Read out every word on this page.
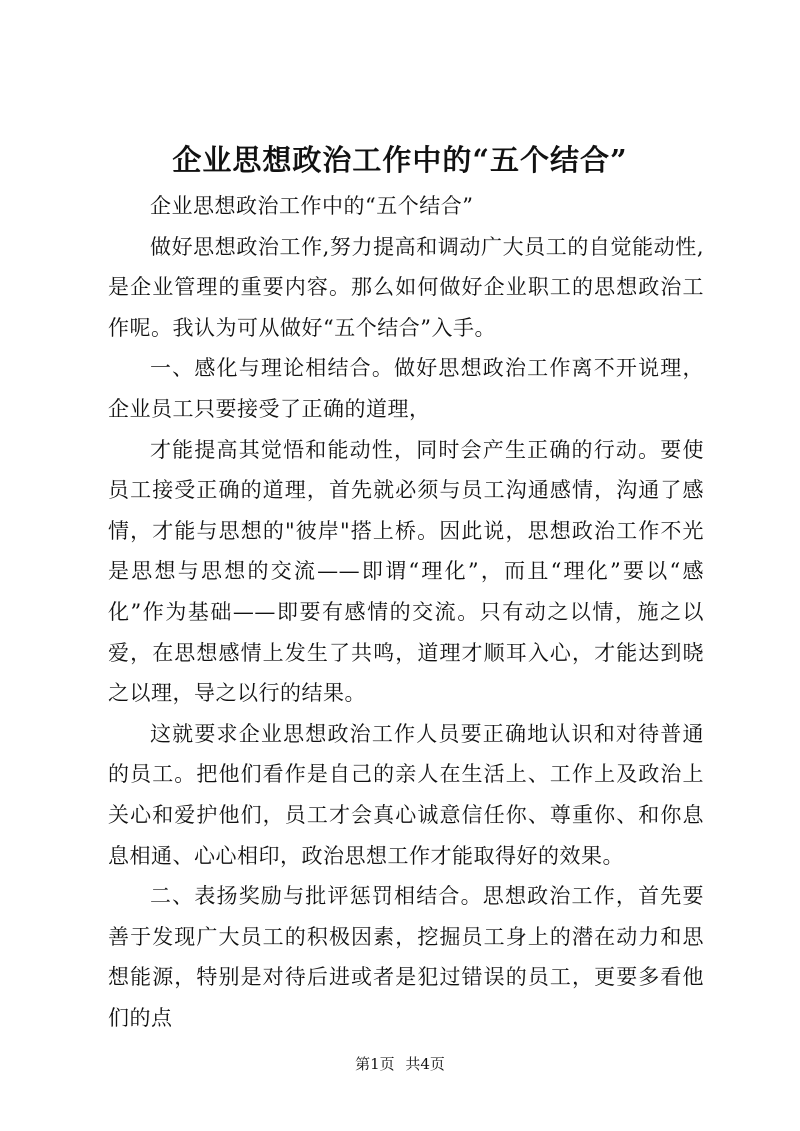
企业思想政治工作中的“五个结合”

企业思想政治工作中的“五个结合”

做好思想政治工作,努力提高和调动广大员工的自觉能动性,是企业管理的重要内容。那么如何做好企业职工的思想政治工作呢。我认为可从做好“五个结合”入手。

一、感化与理论相结合。做好思想政治工作离不开说理，企业员工只要接受了正确的道理，

才能提高其觉悟和能动性，同时会产生正确的行动。要使员工接受正确的道理，首先就必须与员工沟通感情，沟通了感情，才能与思想的"彼岸"搭上桥。因此说，思想政治工作不光是思想与思想的交流——即谓“理化”，而且“理化”要以“感化”作为基础——即要有感情的交流。只有动之以情，施之以爱，在思想感情上发生了共鸣，道理才顺耳入心，才能达到晓之以理，导之以行的结果。

这就要求企业思想政治工作人员要正确地认识和对待普通的员工。把他们看作是自己的亲人在生活上、工作上及政治上关心和爱护他们，员工才会真心诚意信任你、尊重你、和你息息相通、心心相印，政治思想工作才能取得好的效果。

二、表扬奖励与批评惩罚相结合。思想政治工作，首先要善于发现广大员工的积极因素，挖掘员工身上的潜在动力和思想能源，特别是对待后进或者是犯过错误的员工，更要多看他们的点

第1页 共4页
